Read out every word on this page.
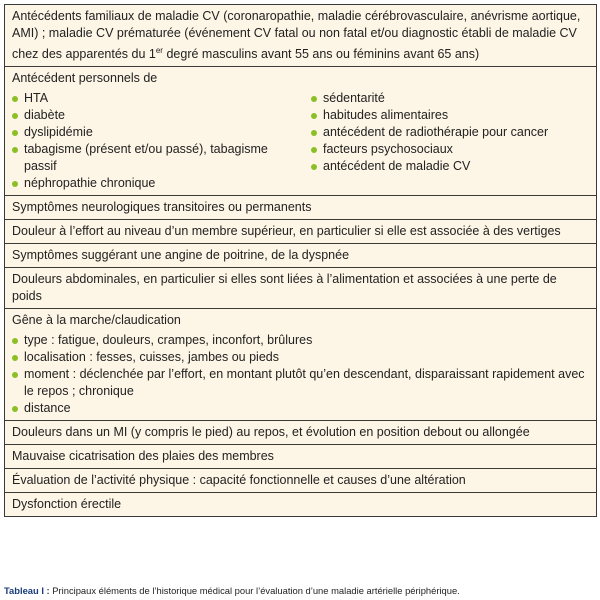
Antécédents familiaux de maladie CV (coronaropathie, maladie cérébrovasculaire, anévrisme aortique, AMI) ; maladie CV prématurée (événement CV fatal ou non fatal et/ou diagnostic établi de maladie CV chez des apparentés du 1er degré masculins avant 55 ans ou féminins avant 65 ans)
Antécédent personnels de
HTA
diabète
dyslipidémie
tabagisme (présent et/ou passé), tabagisme passif
néphropathie chronique
sédentarité
habitudes alimentaires
antécédent de radiothérapie pour cancer
facteurs psychosociaux
antécédent de maladie CV
Symptômes neurologiques transitoires ou permanents
Douleur à l’effort au niveau d’un membre supérieur, en particulier si elle est associée à des vertiges
Symptômes suggérant une angine de poitrine, de la dyspnée
Douleurs abdominales, en particulier si elles sont liées à l’alimentation et associées à une perte de poids
Gêne à la marche/claudication
type : fatigue, douleurs, crampes, inconfort, brûlures
localisation : fesses, cuisses, jambes ou pieds
moment : déclenchée par l’effort, en montant plutôt qu’en descendant, disparaissant rapidement avec le repos ; chronique
distance
Douleurs dans un MI (y compris le pied) au repos, et évolution en position debout ou allongée
Mauvaise cicatrisation des plaies des membres
Évaluation de l’activité physique : capacité fonctionnelle et causes d’une altération
Dysfonction érectile
Tableau I : Principaux éléments de l’historique médical pour l’évaluation d’une maladie artérielle périphérique.
